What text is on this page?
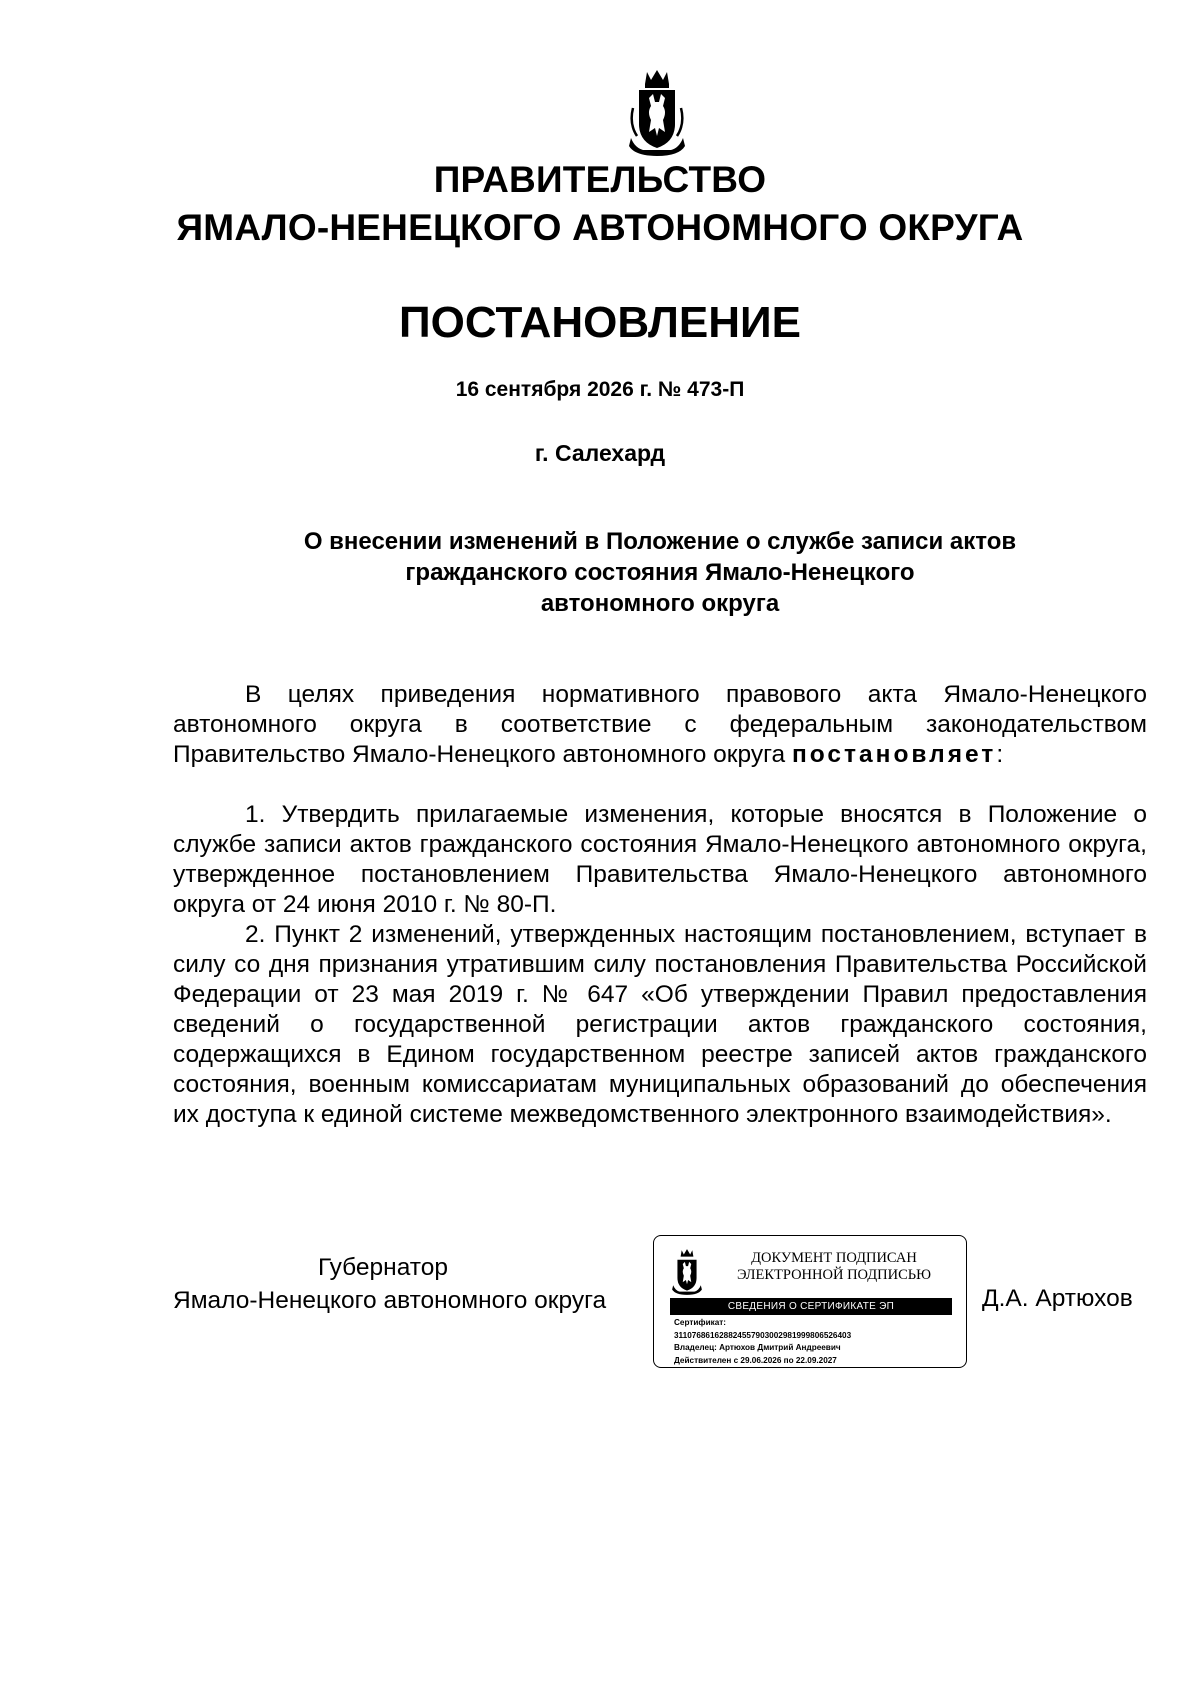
ПРАВИТЕЛЬСТВО
ЯМАЛО-НЕНЕЦКОГО АВТОНОМНОГО ОКРУГА
ПОСТАНОВЛЕНИЕ
16 сентября 2026 г. № 473-П
г. Салехард
О внесении изменений в Положение о службе записи актов
гражданского состояния Ямало-Ненецкого
автономного округа

В целях приведения нормативного правового акта Ямало-Ненецкого автономного округа в соответствие с федеральным законодательством Правительство Ямало-Ненецкого автономного округа постановляет:

1. Утвердить прилагаемые изменения, которые вносятся в Положение о службе записи актов гражданского состояния Ямало-Ненецкого автономного округа, утвержденное постановлением Правительства Ямало-Ненецкого автономного округа от 24 июня 2010 г. № 80-П.

2. Пункт 2 изменений, утвержденных настоящим постановлением, вступает в силу со дня признания утратившим силу постановления Правительства Российской Федерации от 23 мая 2019 г. № 647 «Об утверждении Правил предоставления сведений о государственной регистрации актов гражданского состояния, содержащихся в Едином государственном реестре записей актов гражданского состояния, военным комиссариатам муниципальных образований до обеспечения их доступа к единой системе межведомственного электронного взаимодействия».

Губернатор
Ямало-Ненецкого автономного округа
ДОКУМЕНТ ПОДПИСАН
ЭЛЕКТРОННОЙ ПОДПИСЬЮ
СВЕДЕНИЯ О СЕРТИФИКАТЕ ЭП
Сертификат:
311076861628824557903002981999806526403
Владелец: Артюхов Дмитрий Андреевич
Действителен с 29.06.2026 по 22.09.2027
Д.А. Артюхов
